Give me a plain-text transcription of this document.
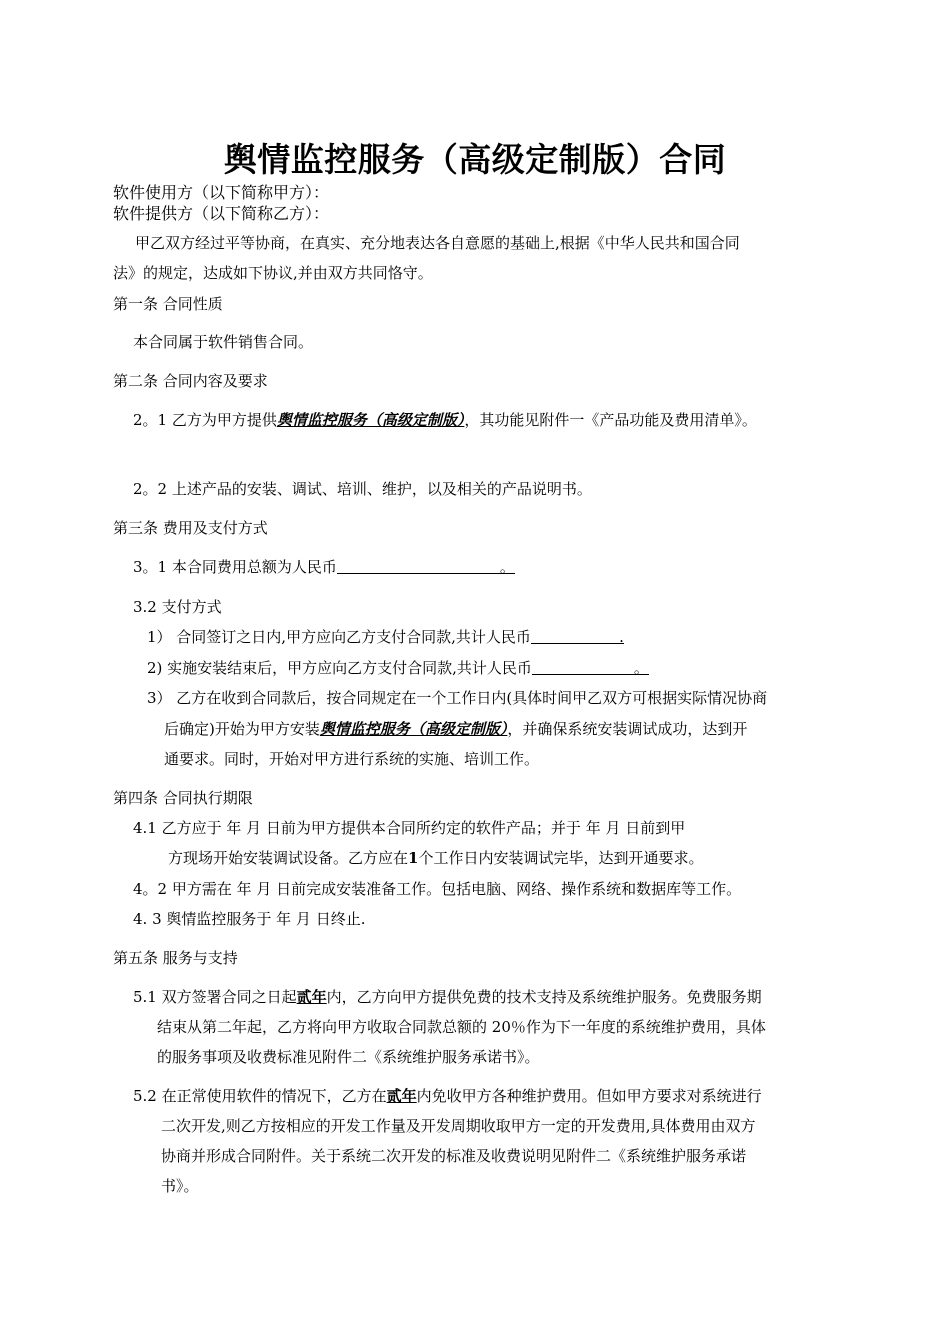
舆情监控服务（高级定制版）合同
软件使用方（以下简称甲方）：
软件提供方（以下简称乙方）：
甲乙双方经过平等协商，在真实、充分地表达各自意愿的基础上,根据《中华人民共和国合同
法》的规定，达成如下协议,并由双方共同恪守。
第一条 合同性质
本合同属于软件销售合同。
第二条 合同内容及要求
2。1 乙方为甲方提供舆情监控服务（高级定制版），其功能见附件一《产品功能及费用清单》。
2。2 上述产品的安装、调试、培训、维护，以及相关的产品说明书。
第三条 费用及支付方式
3。1 本合同费用总额为人民币	。
3.2 支付方式
1） 合同签订之日内,甲方应向乙方支付合同款,共计人民币	.
2) 实施安装结束后，甲方应向乙方支付合同款,共计人民币	。
3） 乙方在收到合同款后，按合同规定在一个工作日内(具体时间甲乙双方可根据实际情况协商
后确定)开始为甲方安装舆情监控服务（高级定制版），并确保系统安装调试成功，达到开
通要求。同时，开始对甲方进行系统的实施、培训工作。
第四条 合同执行期限
4.1 乙方应于 年 月 日前为甲方提供本合同所约定的软件产品；并于 年 月 日前到甲
方现场开始安装调试设备。乙方应在1个工作日内安装调试完毕，达到开通要求。
4。2 甲方需在 年 月 日前完成安装准备工作。包括电脑、网络、操作系统和数据库等工作。
4. 3 舆情监控服务于 年 月 日终止.
第五条 服务与支持
5.1 双方签署合同之日起贰年内，乙方向甲方提供免费的技术支持及系统维护服务。免费服务期
结束从第二年起，乙方将向甲方收取合同款总额的 20％作为下一年度的系统维护费用，具体
的服务事项及收费标准见附件二《系统维护服务承诺书》。
5.2 在正常使用软件的情况下，乙方在贰年内免收甲方各种维护费用。但如甲方要求对系统进行
二次开发,则乙方按相应的开发工作量及开发周期收取甲方一定的开发费用,具体费用由双方
协商并形成合同附件。关于系统二次开发的标准及收费说明见附件二《系统维护服务承诺
书》。
